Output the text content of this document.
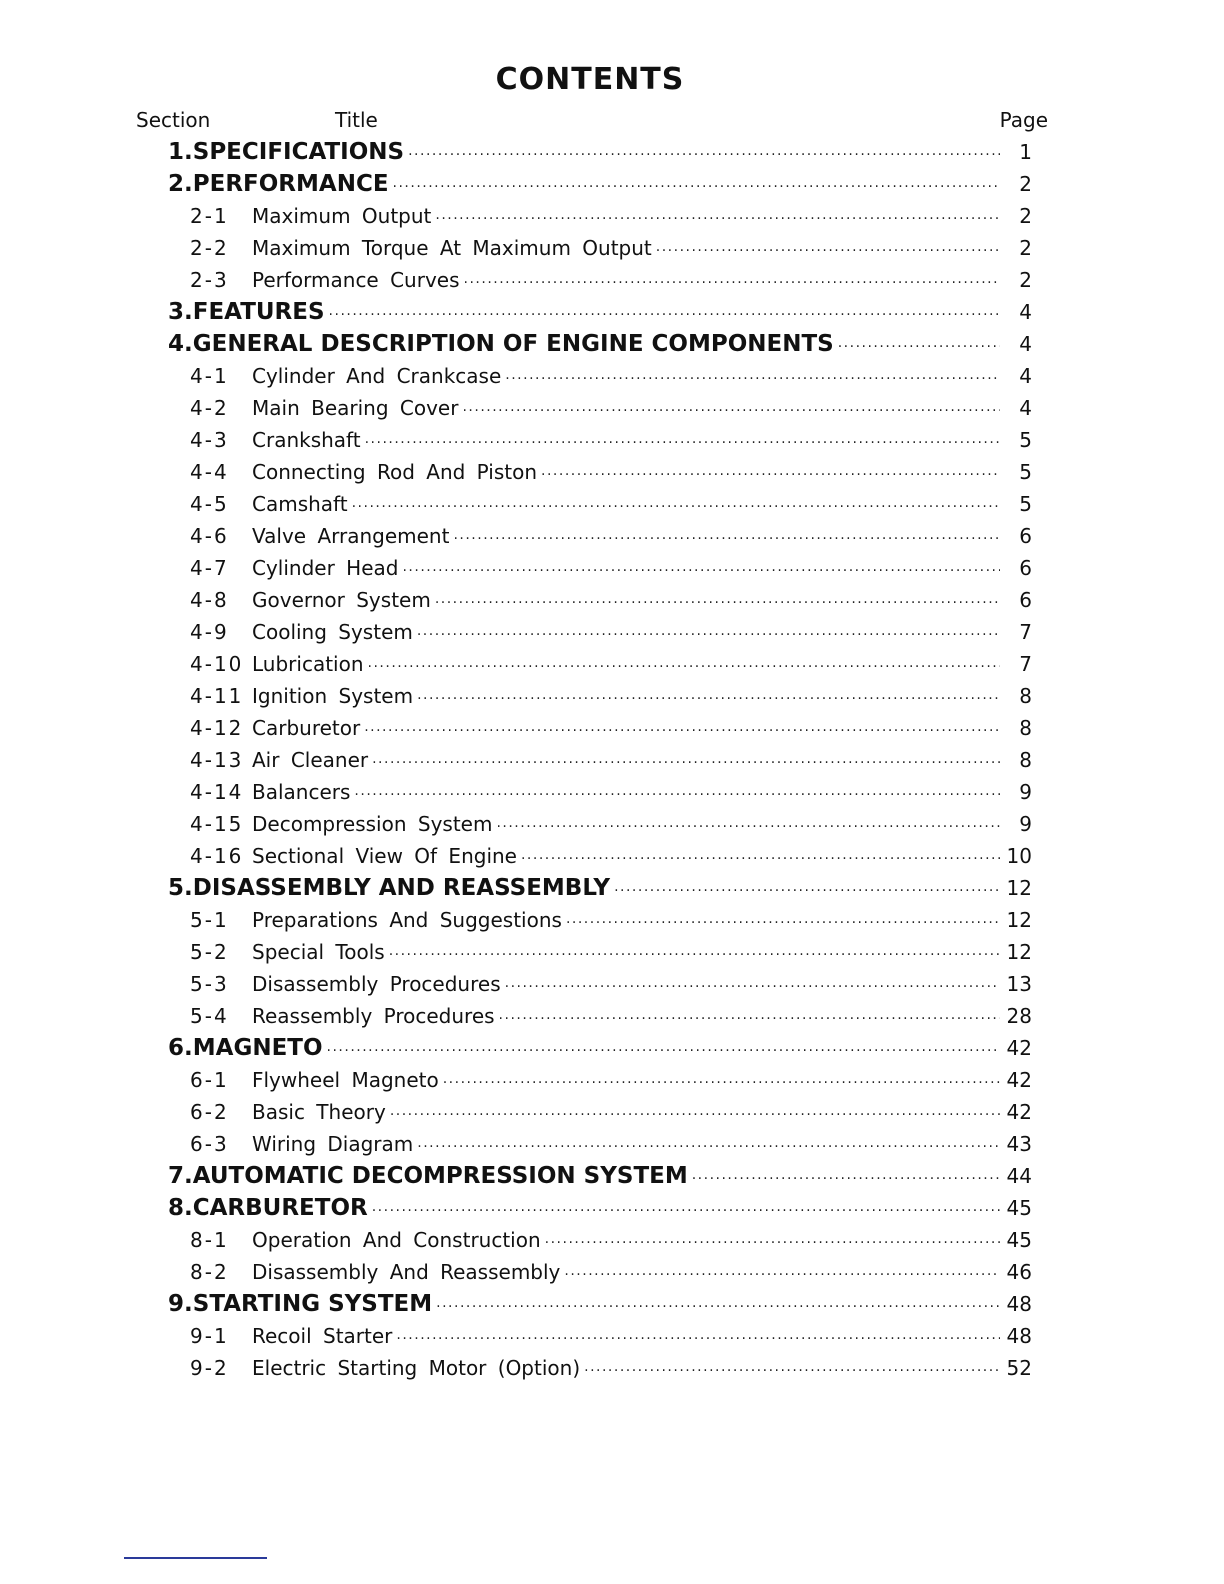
CONTENTS
Section	Title	Page
1.SPECIFICATIONS ·····	1
2.PERFORMANCE ·····	2
2-1 Maximum Output ·····	2
2-2 Maximum Torque At Maximum Output ·····	2
2-3 Performance Curves ·····	2
3.FEATURES ·····	4
4.GENERAL DESCRIPTION OF ENGINE COMPONENTS ·····	4
4-1 Cylinder And Crankcase ·····	4
4-2 Main Bearing Cover ·····	4
4-3 Crankshaft ·····	5
4-4 Connecting Rod And Piston ·····	5
4-5 Camshaft ·····	5
4-6 Valve Arrangement ·····	6
4-7 Cylinder Head ·····	6
4-8 Governor System ·····	6
4-9 Cooling System ·····	7
4-10 Lubrication ·····	7
4-11 Ignition System ·····	8
4-12 Carburetor ·····	8
4-13 Air Cleaner ·····	8
4-14 Balancers ·····	9
4-15 Decompression System ·····	9
4-16 Sectional View Of Engine ·····	10
5.DISASSEMBLY AND REASSEMBLY ·····	12
5-1 Preparations And Suggestions ·····	12
5-2 Special Tools ·····	12
5-3 Disassembly Procedures ·····	13
5-4 Reassembly Procedures ·····	28
6.MAGNETO ·····	42
6-1 Flywheel Magneto ·····	42
6-2 Basic Theory ·····	42
6-3 Wiring Diagram ·····	43
7.AUTOMATIC DECOMPRESSION SYSTEM ·····	44
8.CARBURETOR ·····	45
8-1 Operation And Construction ·····	45
8-2 Disassembly And Reassembly ·····	46
9.STARTING SYSTEM ·····	48
9-1 Recoil Starter ·····	48
9-2 Electric Starting Motor (Option) ·····	52
